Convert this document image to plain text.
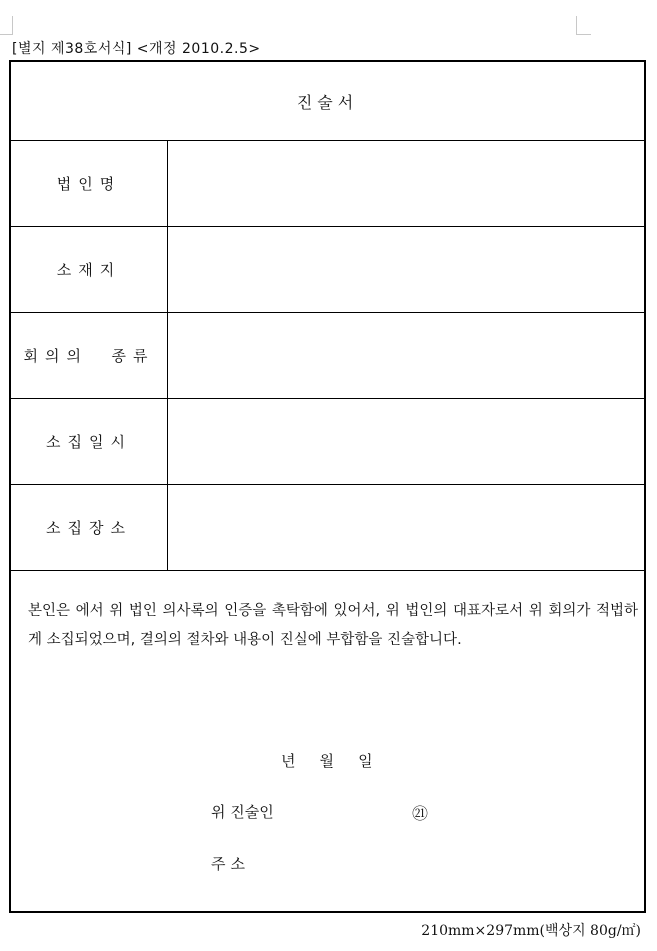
[별지 제38호서식] <개정 2010.2.5>
진술서
법인명
소재지
회의의  종류
소집일시
소집장소
본인은 에서 위 법인 의사록의 인증을 촉탁함에 있어서, 위 법인의 대표자로서 위 회의가 적법하게 소집되었으며, 결의의 절차와 내용이 진실에 부합함을 진술합니다.
년    월    일
위 진술인	㉑
주소
210mm×297mm(백상지 80g/㎡)
